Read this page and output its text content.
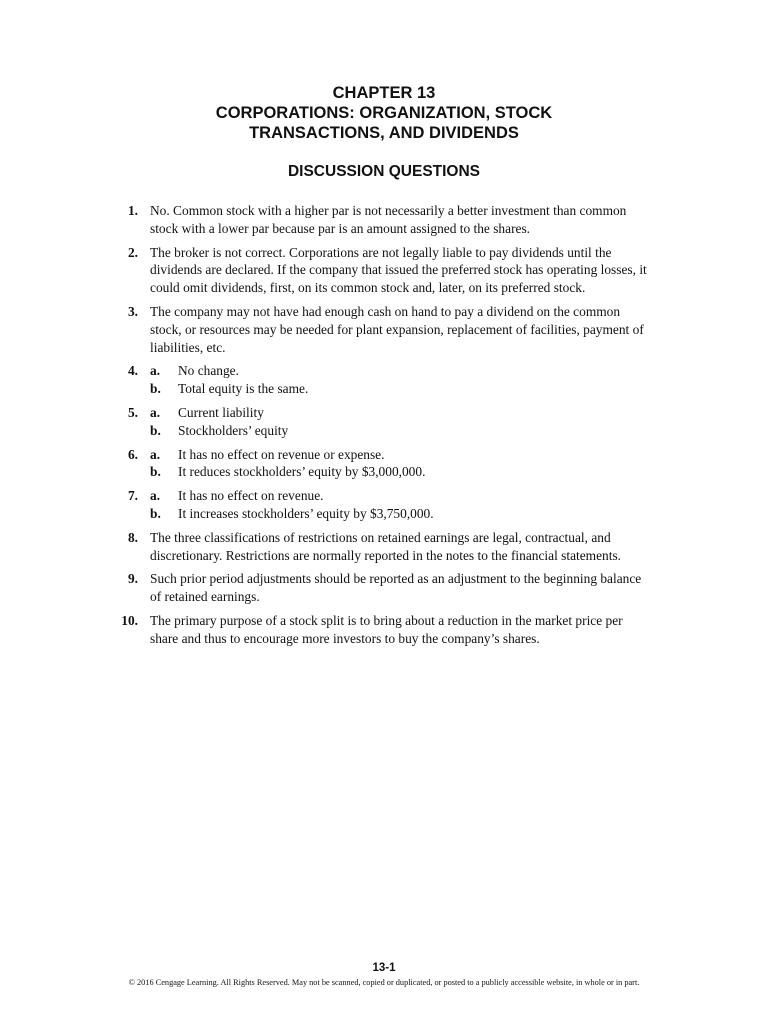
CHAPTER 13
CORPORATIONS: ORGANIZATION, STOCK
TRANSACTIONS, AND DIVIDENDS
DISCUSSION QUESTIONS
1. No. Common stock with a higher par is not necessarily a better investment than common stock with a lower par because par is an amount assigned to the shares.
2. The broker is not correct. Corporations are not legally liable to pay dividends until the dividends are declared. If the company that issued the preferred stock has operating losses, it could omit dividends, first, on its common stock and, later, on its preferred stock.
3. The company may not have had enough cash on hand to pay a dividend on the common stock, or resources may be needed for plant expansion, replacement of facilities, payment of liabilities, etc.
4. a. No change.
b. Total equity is the same.
5. a. Current liability
b. Stockholders’ equity
6. a. It has no effect on revenue or expense.
b. It reduces stockholders’ equity by $3,000,000.
7. a. It has no effect on revenue.
b. It increases stockholders’ equity by $3,750,000.
8. The three classifications of restrictions on retained earnings are legal, contractual, and discretionary. Restrictions are normally reported in the notes to the financial statements.
9. Such prior period adjustments should be reported as an adjustment to the beginning balance of retained earnings.
10. The primary purpose of a stock split is to bring about a reduction in the market price per share and thus to encourage more investors to buy the company’s shares.
13-1
© 2016 Cengage Learning. All Rights Reserved. May not be scanned, copied or duplicated, or posted to a publicly accessible website, in whole or in part.
